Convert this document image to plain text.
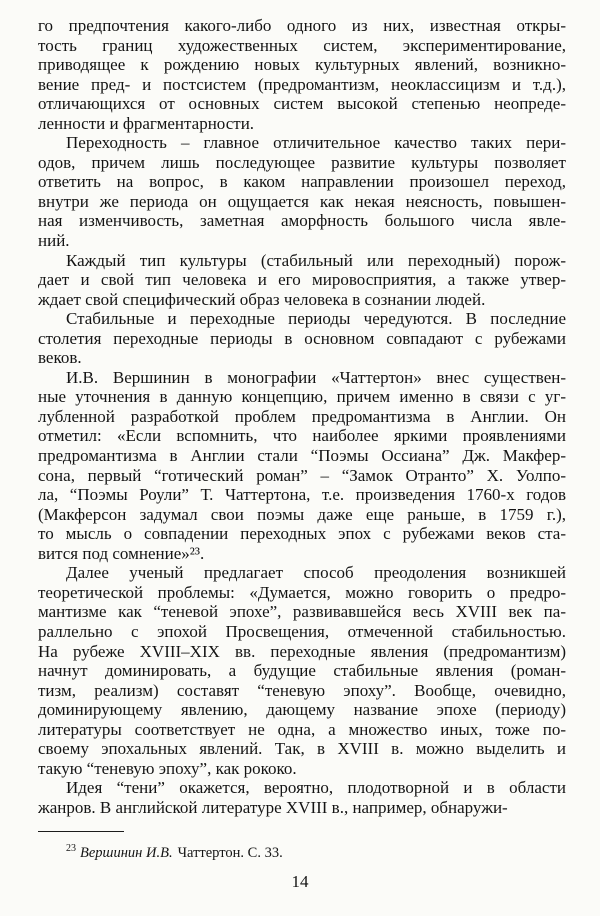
го предпочтения какого-либо одного из них, известная откры-
тость границ художественных систем, экспериментирование,
приводящее к рождению новых культурных явлений, возникно-
вение пред- и постсистем (предромантизм, неоклассицизм и т.д.),
отличающихся от основных систем высокой степенью неопреде-
ленности и фрагментарности.
Переходность – главное отличительное качество таких пери-
одов, причем лишь последующее развитие культуры позволяет
ответить на вопрос, в каком направлении произошел переход,
внутри же периода он ощущается как некая неясность, повышен-
ная изменчивость, заметная аморфность большого числа явле-
ний.
Каждый тип культуры (стабильный или переходный) порож-
дает и свой тип человека и его мировосприятия, а также утвер-
ждает свой специфический образ человека в сознании людей.
Стабильные и переходные периоды чередуются. В последние
столетия переходные периоды в основном совпадают с рубежами
веков.
И.В. Вершинин в монографии «Чаттертон» внес существен-
ные уточнения в данную концепцию, причем именно в связи с уг-
лубленной разработкой проблем предромантизма в Англии. Он
отметил: «Если вспомнить, что наиболее яркими проявлениями
предромантизма в Англии стали “Поэмы Оссиана” Дж. Макфер-
сона, первый “готический роман” – “Замок Отранто” Х. Уолпо-
ла, “Поэмы Роули” Т. Чаттертона, т.е. произведения 1760-х годов
(Макферсон задумал свои поэмы даже еще раньше, в 1759 г.),
то мысль о совпадении переходных эпох с рубежами веков ста-
вится под сомнение»²³.
Далее ученый предлагает способ преодоления возникшей
теоретической проблемы: «Думается, можно говорить о предро-
мантизме как “теневой эпохе”, развивавшейся весь XVIII век па-
раллельно с эпохой Просвещения, отмеченной стабильностью.
На рубеже XVIII–XIX вв. переходные явления (предромантизм)
начнут доминировать, а будущие стабильные явления (роман-
тизм, реализм) составят “теневую эпоху”. Вообще, очевидно,
доминирующему явлению, дающему название эпохе (периоду)
литературы соответствует не одна, а множество иных, тоже по-
своему эпохальных явлений. Так, в XVIII в. можно выделить и
такую “теневую эпоху”, как рококо.
Идея “тени” окажется, вероятно, плодотворной и в области
жанров. В английской литературе XVIII в., например, обнаружи-
$^{23}$ Вершинин И.В. Чаттертон. С. 33.
14
